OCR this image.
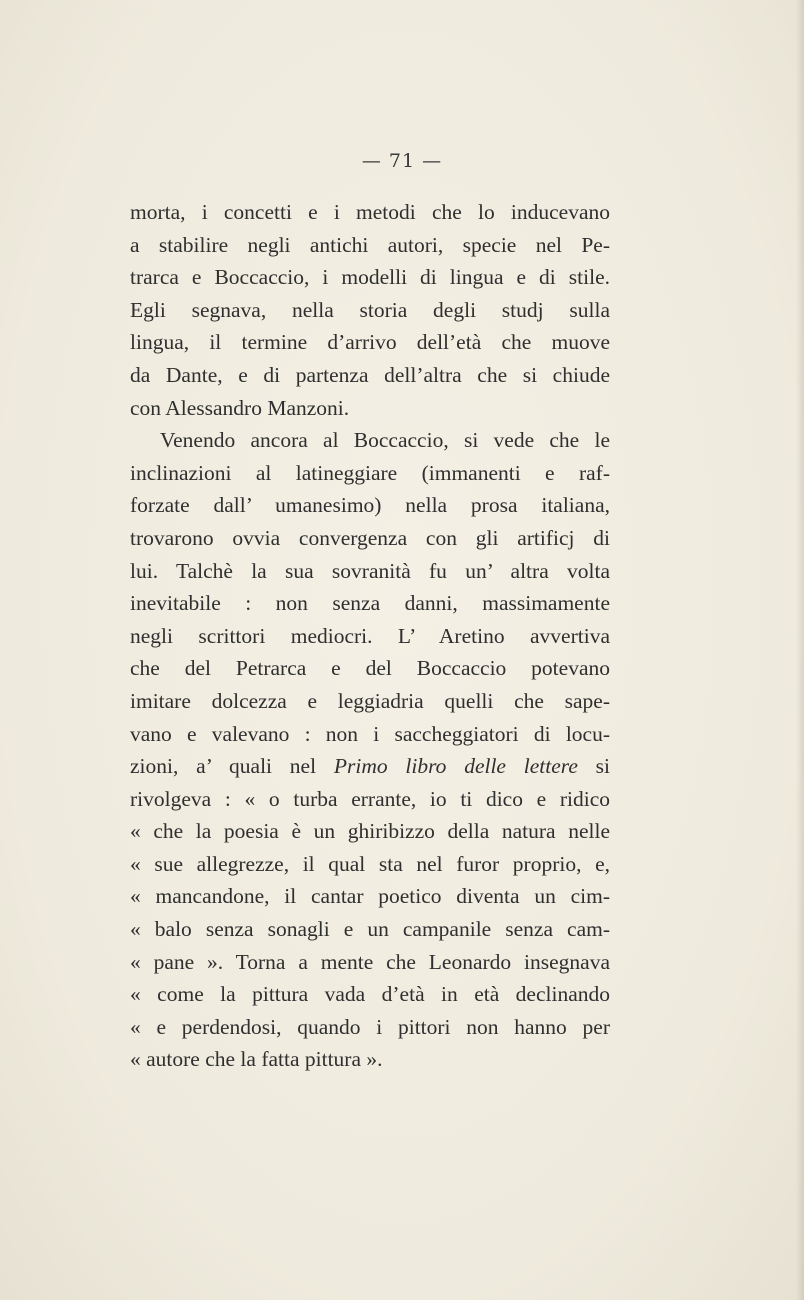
— 71 —
morta, i concetti e i metodi che lo inducevano
a stabilire negli antichi autori, specie nel Pe-
trarca e Boccaccio, i modelli di lingua e di stile.
Egli segnava, nella storia degli studj sulla
lingua, il termine d’arrivo dell’età che muove
da Dante, e di partenza dell’altra che si chiude
con Alessandro Manzoni.
Venendo ancora al Boccaccio, si vede che le
inclinazioni al latineggiare (immanenti e raf-
forzate dall’ umanesimo) nella prosa italiana,
trovarono ovvia convergenza con gli artificj di
lui. Talchè la sua sovranità fu un’ altra volta
inevitabile : non senza danni, massimamente
negli scrittori mediocri. L’ Aretino avvertiva
che del Petrarca e del Boccaccio potevano
imitare dolcezza e leggiadria quelli che sape-
vano e valevano : non i saccheggiatori di locu-
zioni, a’ quali nel Primo libro delle lettere si
rivolgeva : « o turba errante, io ti dico e ridico
« che la poesia è un ghiribizzo della natura nelle
« sue allegrezze, il qual sta nel furor proprio, e,
« mancandone, il cantar poetico diventa un cim-
« balo senza sonagli e un campanile senza cam-
« pane ». Torna a mente che Leonardo insegnava
« come la pittura vada d’età in età declinando
« e perdendosi, quando i pittori non hanno per
« autore che la fatta pittura ».
